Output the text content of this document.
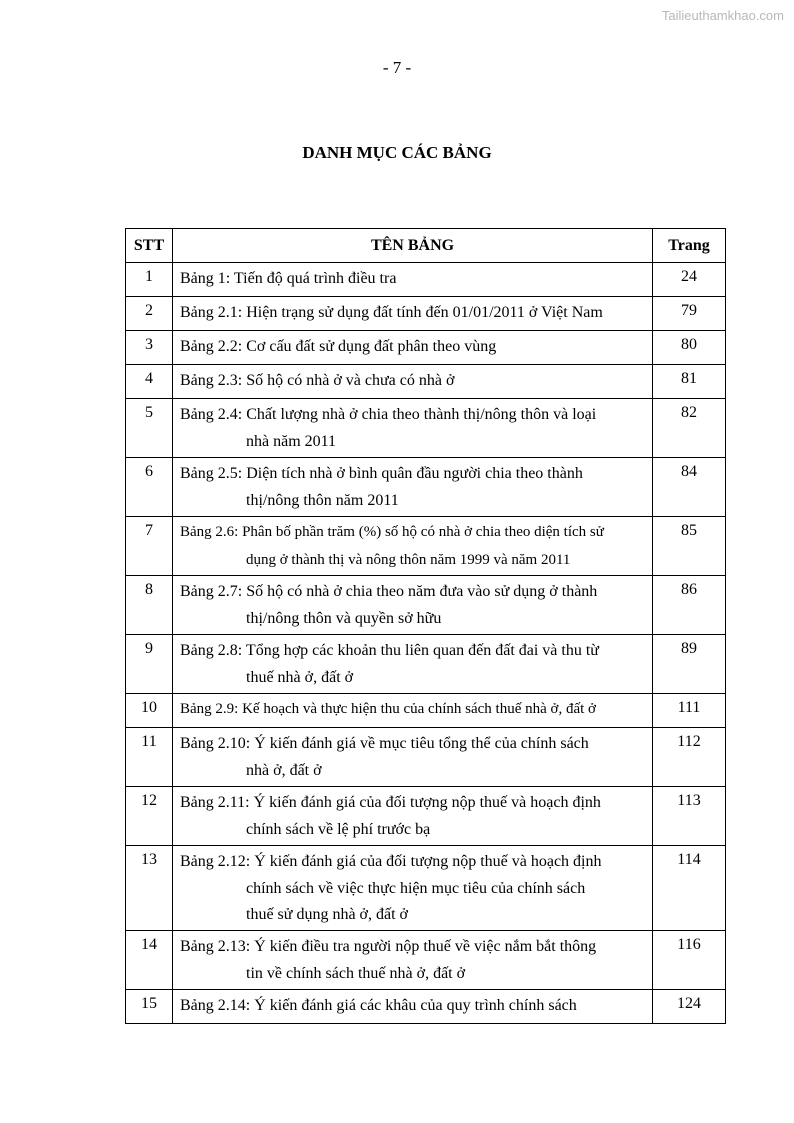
Tailieuthamkhao.com
- 7 -
DANH MỤC CÁC BẢNG
STT	TÊN BẢNG	Trang
1	Bảng 1: Tiến độ quá trình điều tra	24
2	Bảng 2.1: Hiện trạng sử dụng đất tính đến 01/01/2011 ở Việt Nam	79
3	Bảng 2.2: Cơ cấu đất sử dụng đất phân theo vùng	80
4	Bảng 2.3: Số hộ có nhà ở và chưa có nhà ở	81
5	Bảng 2.4: Chất lượng nhà ở chia theo thành thị/nông thôn và loại
nhà năm 2011	82
6	Bảng 2.5: Diện tích nhà ở bình quân đầu người chia theo thành
thị/nông thôn năm 2011	84
7	Bảng 2.6: Phân bố phần trăm (%) số hộ có nhà ở chia theo diện tích sử
dụng ở thành thị và nông thôn năm 1999 và năm 2011	85
8	Bảng 2.7: Số hộ có nhà ở chia theo năm đưa vào sử dụng ở thành
thị/nông thôn và quyền sở hữu	86
9	Bảng 2.8: Tổng hợp các khoản thu liên quan đến đất đai và thu từ
thuế nhà ở, đất ở	89
10	Bảng 2.9: Kế hoạch và thực hiện thu của chính sách thuế nhà ở, đất ở	111
11	Bảng 2.10: Ý kiến đánh giá về mục tiêu tổng thể của chính sách
nhà ở, đất ở	112
12	Bảng 2.11: Ý kiến đánh giá của đối tượng nộp thuế và hoạch định
chính sách về lệ phí trước bạ	113
13	Bảng 2.12: Ý kiến đánh giá của đối tượng nộp thuế và hoạch định
chính sách về việc thực hiện mục tiêu của chính sách
thuế sử dụng nhà ở, đất ở	114
14	Bảng 2.13: Ý kiến điều tra người nộp thuế về việc nắm bắt thông
tin về chính sách thuế nhà ở, đất ở	116
15	Bảng 2.14: Ý kiến đánh giá các khâu của quy trình chính sách	124
